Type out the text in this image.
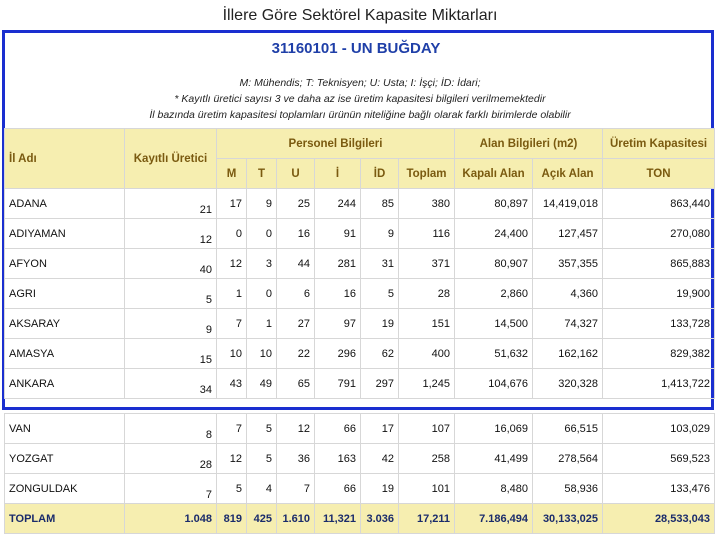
İllere Göre Sektörel Kapasite Miktarları
31160101 - UN BUĞDAY
M: Mühendis; T: Teknisyen; U: Usta; I: İşçi; İD: İdari;
* Kayıtlı üretici sayısı 3 ve daha az ise üretim kapasitesi bilgileri verilmemektedir
İl bazında üretim kapasitesi toplamları ürünün niteliğine bağlı olarak farklı birimlerde olabilir
İl Adı	Kayıtlı Üretici	Personel Bilgileri						Alan Bilgileri (m2)		Üretim Kapasitesi
		M	T	U	İ	İD	Toplam	Kapalı Alan	Açık Alan	TON
ADANA	21	17	9	25	244	85	380	80,897	14,419,018	863,440
ADIYAMAN	12	0	0	16	91	9	116	24,400	127,457	270,080
AFYON	40	12	3	44	281	31	371	80,907	357,355	865,883
AGRI	5	1	0	6	16	5	28	2,860	4,360	19,900
AKSARAY	9	7	1	27	97	19	151	14,500	74,327	133,728
AMASYA	15	10	10	22	296	62	400	51,632	162,162	829,382
ANKARA	34	43	49	65	791	297	1,245	104,676	320,328	1,413,722
VAN	8	7	5	12	66	17	107	16,069	66,515	103,029
YOZGAT	28	12	5	36	163	42	258	41,499	278,564	569,523
ZONGULDAK	7	5	4	7	66	19	101	8,480	58,936	133,476
TOPLAM	1.048	819	425	1.610	11,321	3.036	17,211	7.186,494	30,133,025	28,533,043
